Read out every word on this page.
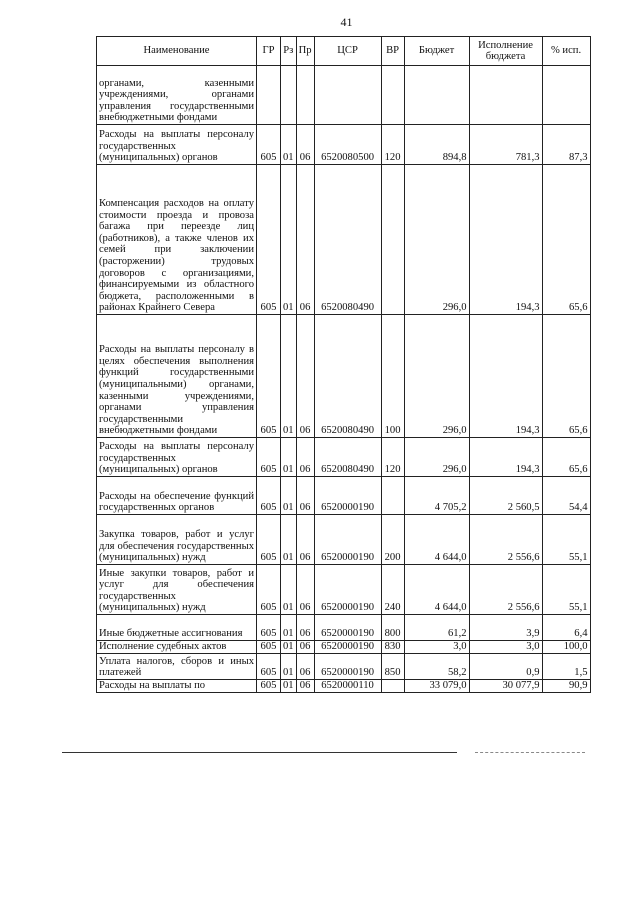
41
Наименование	ГР	Рз	Пр	ЦСР	ВР	Бюджет	Исполнение бюджета	% исп.
органами, казенными учреждениями, органами управления государственными внебюджетными фондами								
Расходы на выплаты персоналу государственных (муниципальных) органов	605	01	06	6520080500	120	894,8	781,3	87,3
Компенсация расходов на оплату стоимости проезда и провоза багажа при переезде лиц (работников), а также членов их семей при заключении (расторжении) трудовых договоров с организациями, финансируемыми из областного бюджета, расположенными в районах Крайнего Севера	605	01	06	6520080490		296,0	194,3	65,6
Расходы на выплаты персоналу в целях обеспечения выполнения функций государственными (муниципальными) органами, казенными учреждениями, органами управления государственными внебюджетными фондами	605	01	06	6520080490	100	296,0	194,3	65,6
Расходы на выплаты персоналу государственных (муниципальных) органов	605	01	06	6520080490	120	296,0	194,3	65,6
Расходы на обеспечение функций государственных органов	605	01	06	6520000190		4 705,2	2 560,5	54,4
Закупка товаров, работ и услуг для обеспечения государственных (муниципальных) нужд	605	01	06	6520000190	200	4 644,0	2 556,6	55,1
Иные закупки товаров, работ и услуг для обеспечения государственных (муниципальных) нужд	605	01	06	6520000190	240	4 644,0	2 556,6	55,1
Иные бюджетные ассигнования	605	01	06	6520000190	800	61,2	3,9	6,4
Исполнение судебных актов	605	01	06	6520000190	830	3,0	3,0	100,0
Уплата налогов, сборов и иных платежей	605	01	06	6520000190	850	58,2	0,9	1,5
Расходы на выплаты по	605	01	06	6520000110		33 079,0	30 077,9	90,9
